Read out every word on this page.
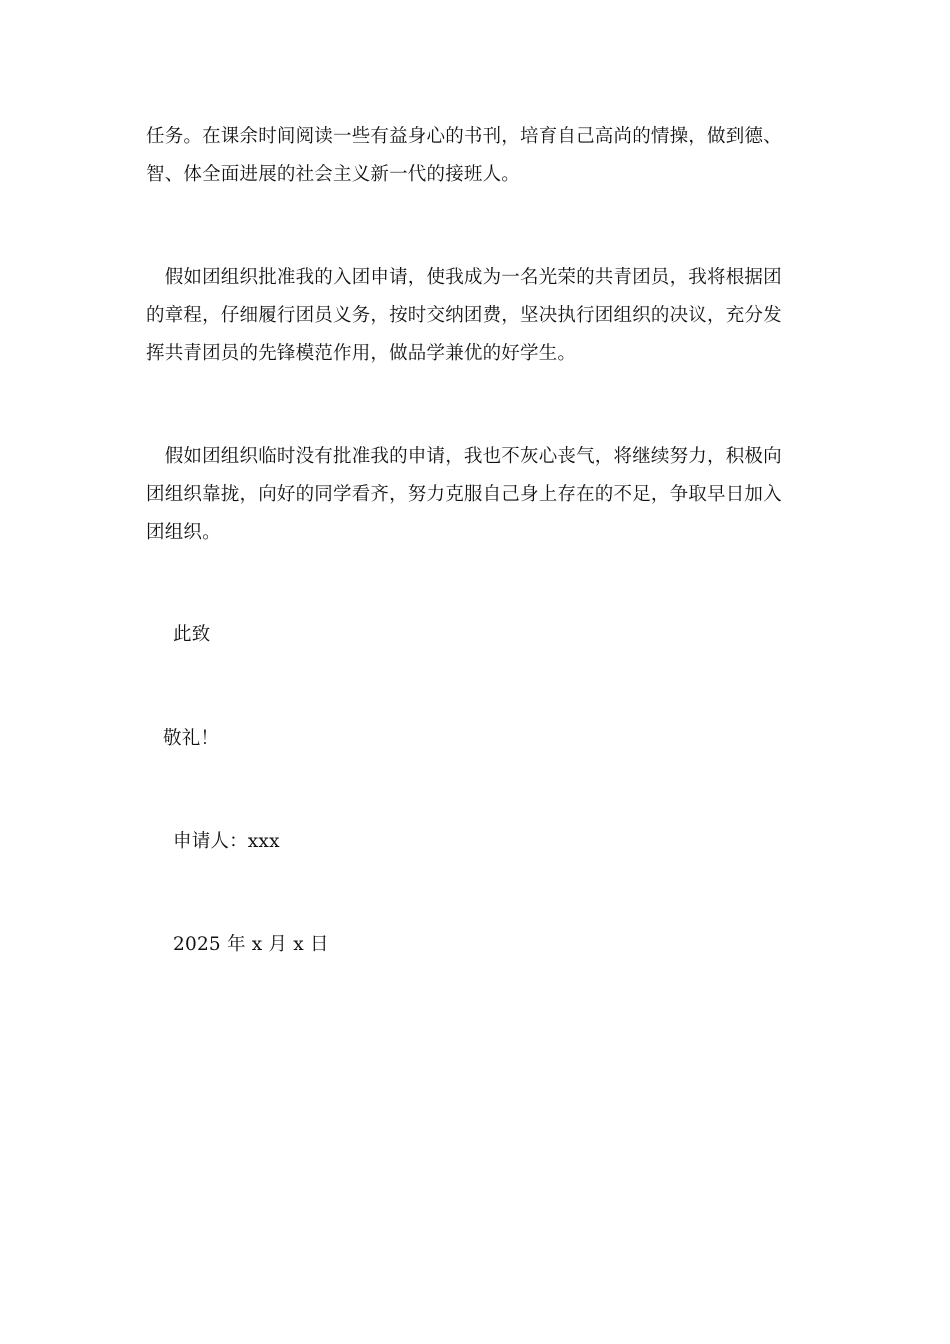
任务。在课余时间阅读一些有益身心的书刊，培育自己高尚的情操，做到德、
智、体全面进展的社会主义新一代的接班人。
　假如团组织批准我的入团申请，使我成为一名光荣的共青团员，我将根据团
的章程，仔细履行团员义务，按时交纳团费，坚决执行团组织的决议，充分发
挥共青团员的先锋模范作用，做品学兼优的好学生。
　假如团组织临时没有批准我的申请，我也不灰心丧气，将继续努力，积极向
团组织靠拢，向好的同学看齐，努力克服自己身上存在的不足，争取早日加入
团组织。
此致
敬礼！
申请人：xxx
2025 年 x 月 x 日
